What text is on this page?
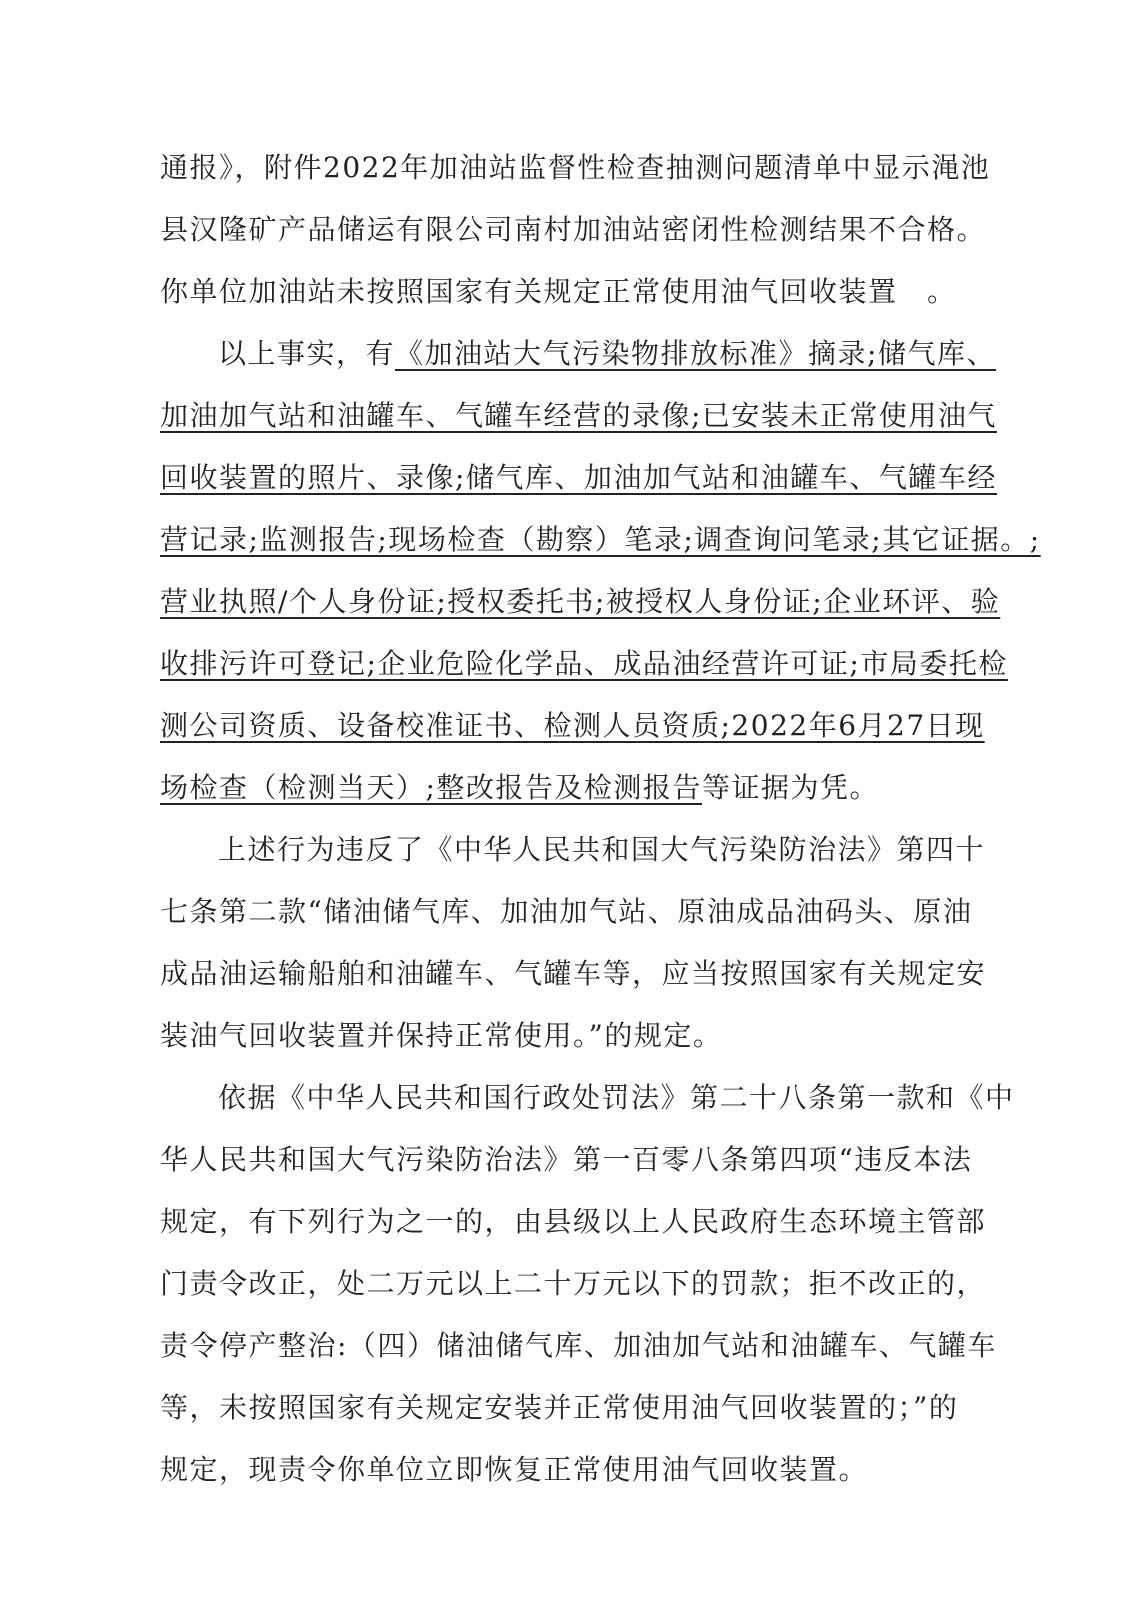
通报》，附件2022年加油站监督性检查抽测问题清单中显示渑池
县汉隆矿产品储运有限公司南村加油站密闭性检测结果不合格。
你单位加油站未按照国家有关规定正常使用油气回收装置　。
以上事实，有《加油站大气污染物排放标准》摘录;储气库、
加油加气站和油罐车、气罐车经营的录像;已安装未正常使用油气
回收装置的照片、录像;储气库、加油加气站和油罐车、气罐车经
营记录;监测报告;现场检查（勘察）笔录;调查询问笔录;其它证据。;
营业执照/个人身份证;授权委托书;被授权人身份证;企业环评、验
收排污许可登记;企业危险化学品、成品油经营许可证;市局委托检
测公司资质、设备校准证书、检测人员资质;2022年6月27日现
场检查（检测当天）;整改报告及检测报告等证据为凭。
上述行为违反了《中华人民共和国大气污染防治法》第四十
七条第二款“储油储气库、加油加气站、原油成品油码头、原油
成品油运输船舶和油罐车、气罐车等，应当按照国家有关规定安
装油气回收装置并保持正常使用。”的规定。
依据《中华人民共和国行政处罚法》第二十八条第一款和《中
华人民共和国大气污染防治法》第一百零八条第四项“违反本法
规定，有下列行为之一的，由县级以上人民政府生态环境主管部
门责令改正，处二万元以上二十万元以下的罚款；拒不改正的，
责令停产整治:（四）储油储气库、加油加气站和油罐车、气罐车
等，未按照国家有关规定安装并正常使用油气回收装置的；”的
规定，现责令你单位立即恢复正常使用油气回收装置。
